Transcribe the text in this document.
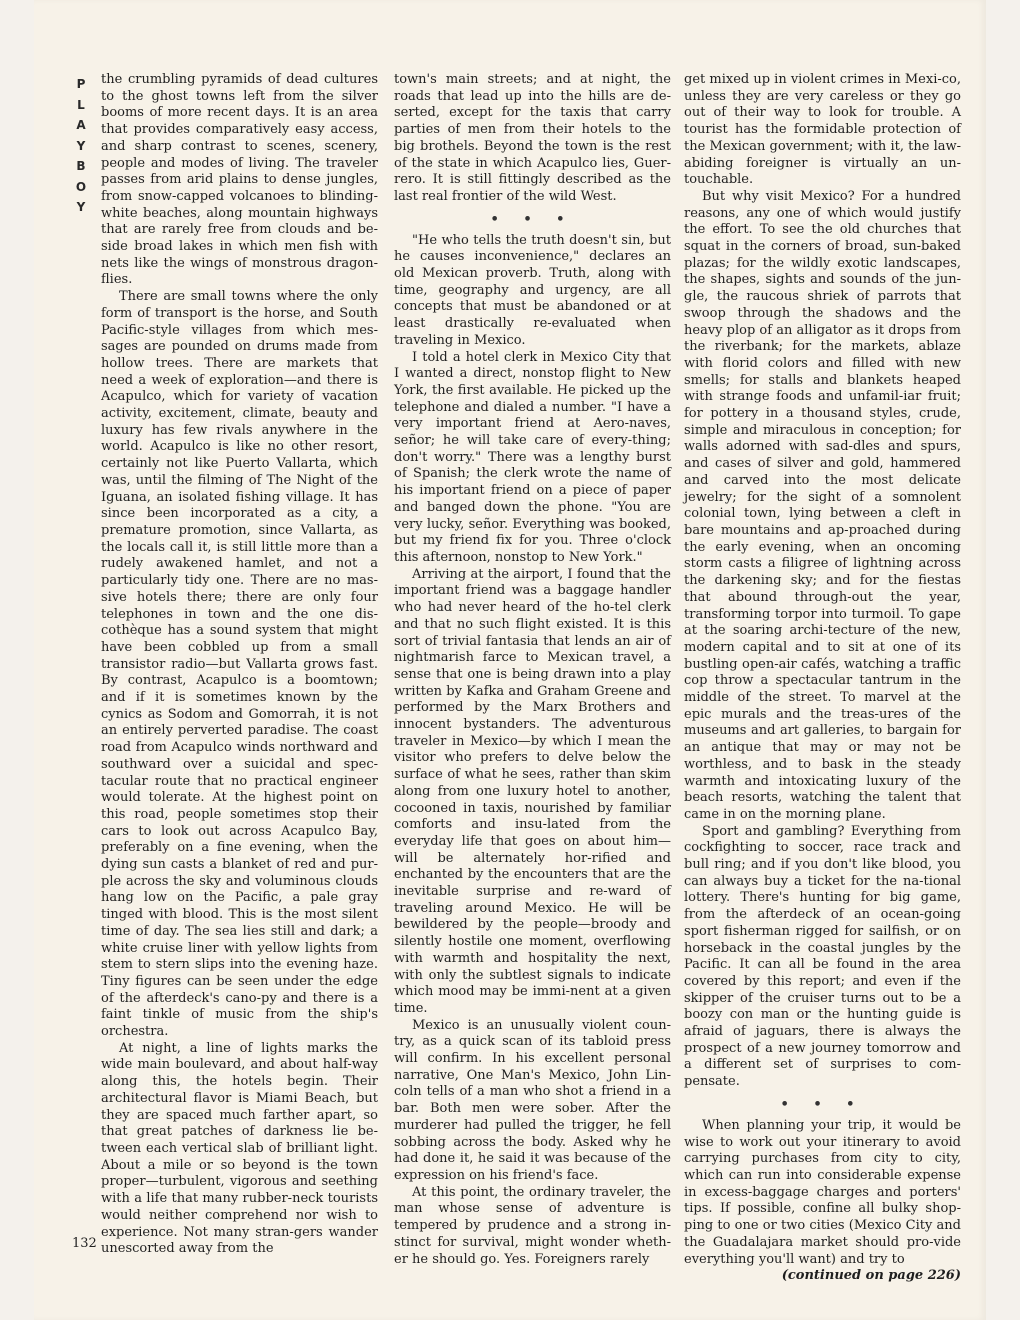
P
L
A
Y
B
O
Y

the crumbling pyramids of dead cultures to the ghost towns left from the silver booms of more recent days. It is an area that provides comparatively easy access, and sharp contrast to scenes, scenery, people and modes of living. The traveler passes from arid plains to dense jungles, from snow-capped volcanoes to blinding-white beaches, along mountain highways that are rarely free from clouds and be-side broad lakes in which men fish with nets like the wings of monstrous dragon-flies.

There are small towns where the only form of transport is the horse, and South Pacific-style villages from which mes-sages are pounded on drums made from hollow trees. There are markets that need a week of exploration—and there is Acapulco, which for variety of vacation activity, excitement, climate, beauty and luxury has few rivals anywhere in the world. Acapulco is like no other resort, certainly not like Puerto Vallarta, which was, until the filming of The Night of the Iguana, an isolated fishing village. It has since been incorporated as a city, a premature promotion, since Vallarta, as the locals call it, is still little more than a rudely awakened hamlet, and not a particularly tidy one. There are no mas-sive hotels there; there are only four telephones in town and the one dis-cothèque has a sound system that might have been cobbled up from a small transistor radio—but Vallarta grows fast. By contrast, Acapulco is a boomtown; and if it is sometimes known by the cynics as Sodom and Gomorrah, it is not an entirely perverted paradise. The coast road from Acapulco winds northward and southward over a suicidal and spec-tacular route that no practical engineer would tolerate. At the highest point on this road, people sometimes stop their cars to look out across Acapulco Bay, preferably on a fine evening, when the dying sun casts a blanket of red and pur-ple across the sky and voluminous clouds hang low on the Pacific, a pale gray tinged with blood. This is the most silent time of day. The sea lies still and dark; a white cruise liner with yellow lights from stem to stern slips into the evening haze. Tiny figures can be seen under the edge of the afterdeck's cano-py and there is a faint tinkle of music from the ship's orchestra.

At night, a line of lights marks the wide main boulevard, and about half-way along this, the hotels begin. Their architectural flavor is Miami Beach, but they are spaced much farther apart, so that great patches of darkness lie be-tween each vertical slab of brilliant light. About a mile or so beyond is the town proper—turbulent, vigorous and seething with a life that many rubber-neck tourists would neither comprehend nor wish to experience. Not many stran-gers wander unescorted away from the

town's main streets; and at night, the roads that lead up into the hills are de-serted, except for the taxis that carry parties of men from their hotels to the big brothels. Beyond the town is the rest of the state in which Acapulco lies, Guer-rero. It is still fittingly described as the last real frontier of the wild West.

• • •

"He who tells the truth doesn't sin, but he causes inconvenience," declares an old Mexican proverb. Truth, along with time, geography and urgency, are all concepts that must be abandoned or at least drastically re-evaluated when traveling in Mexico.

I told a hotel clerk in Mexico City that I wanted a direct, nonstop flight to New York, the first available. He picked up the telephone and dialed a number. "I have a very important friend at Aero-naves, señor; he will take care of every-thing; don't worry." There was a lengthy burst of Spanish; the clerk wrote the name of his important friend on a piece of paper and banged down the phone. "You are very lucky, señor. Everything was booked, but my friend fix for you. Three o'clock this afternoon, nonstop to New York."

Arriving at the airport, I found that the important friend was a baggage handler who had never heard of the ho-tel clerk and that no such flight existed. It is this sort of trivial fantasia that lends an air of nightmarish farce to Mexican travel, a sense that one is being drawn into a play written by Kafka and Graham Greene and performed by the Marx Brothers and innocent bystanders. The adventurous traveler in Mexico—by which I mean the visitor who prefers to delve below the surface of what he sees, rather than skim along from one luxury hotel to another, cocooned in taxis, nourished by familiar comforts and insu-lated from the everyday life that goes on about him—will be alternately hor-rified and enchanted by the encounters that are the inevitable surprise and re-ward of traveling around Mexico. He will be bewildered by the people—broody and silently hostile one moment, overflowing with warmth and hospitality the next, with only the subtlest signals to indicate which mood may be immi-nent at a given time.

Mexico is an unusually violent coun-try, as a quick scan of its tabloid press will confirm. In his excellent personal narrative, One Man's Mexico, John Lin-coln tells of a man who shot a friend in a bar. Both men were sober. After the murderer had pulled the trigger, he fell sobbing across the body. Asked why he had done it, he said it was because of the expression on his friend's face.

At this point, the ordinary traveler, the man whose sense of adventure is tempered by prudence and a strong in-stinct for survival, might wonder wheth-er he should go. Yes. Foreigners rarely

get mixed up in violent crimes in Mexi-co, unless they are very careless or they go out of their way to look for trouble. A tourist has the formidable protection of the Mexican government; with it, the law-abiding foreigner is virtually an un-touchable.

But why visit Mexico? For a hundred reasons, any one of which would justify the effort. To see the old churches that squat in the corners of broad, sun-baked plazas; for the wildly exotic landscapes, the shapes, sights and sounds of the jun-gle, the raucous shriek of parrots that swoop through the shadows and the heavy plop of an alligator as it drops from the riverbank; for the markets, ablaze with florid colors and filled with new smells; for stalls and blankets heaped with strange foods and unfamil-iar fruit; for pottery in a thousand styles, crude, simple and miraculous in conception; for walls adorned with sad-dles and spurs, and cases of silver and gold, hammered and carved into the most delicate jewelry; for the sight of a somnolent colonial town, lying between a cleft in bare mountains and ap-proached during the early evening, when an oncoming storm casts a filigree of lightning across the darkening sky; and for the fiestas that abound through-out the year, transforming torpor into turmoil. To gape at the soaring archi-tecture of the new, modern capital and to sit at one of its bustling open-air cafés, watching a traffic cop throw a spectacular tantrum in the middle of the street. To marvel at the epic murals and the treas-ures of the museums and art galleries, to bargain for an antique that may or may not be worthless, and to bask in the steady warmth and intoxicating luxury of the beach resorts, watching the talent that came in on the morning plane.

Sport and gambling? Everything from cockfighting to soccer, race track and bull ring; and if you don't like blood, you can always buy a ticket for the na-tional lottery. There's hunting for big game, from the afterdeck of an ocean-going sport fisherman rigged for sailfish, or on horseback in the coastal jungles by the Pacific. It can all be found in the area covered by this report; and even if the skipper of the cruiser turns out to be a boozy con man or the hunting guide is afraid of jaguars, there is always the prospect of a new journey tomorrow and a different set of surprises to com-pensate.

• • •

When planning your trip, it would be wise to work out your itinerary to avoid carrying purchases from city to city, which can run into considerable expense in excess-baggage charges and porters' tips. If possible, confine all bulky shop-ping to one or two cities (Mexico City and the Guadalajara market should pro-vide everything you'll want) and try to

(continued on page 226)

132
